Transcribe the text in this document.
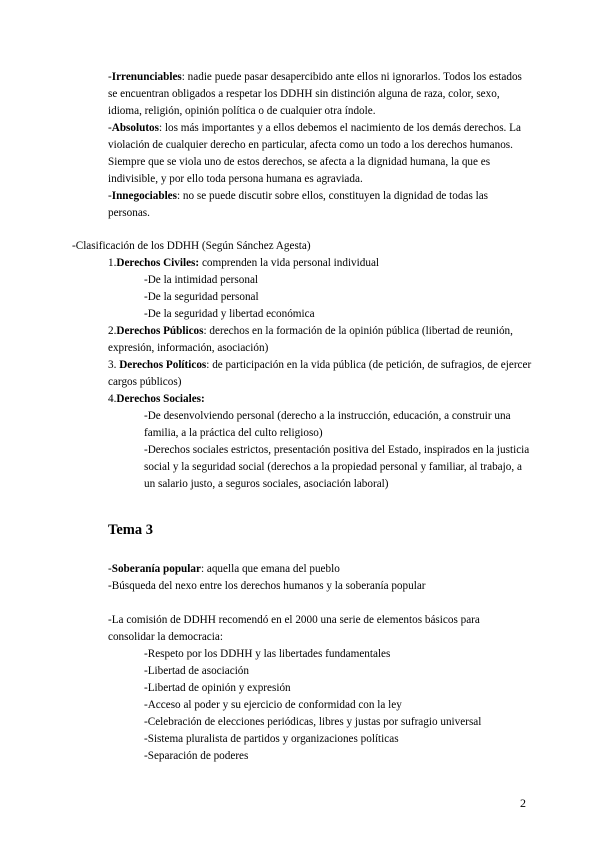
-Irrenunciables: nadie puede pasar desapercibido ante ellos ni ignorarlos. Todos los estados se encuentran obligados a respetar los DDHH sin distinción alguna de raza, color, sexo, idioma, religión, opinión política o de cualquier otra índole.

-Absolutos: los más importantes y a ellos debemos el nacimiento de los demás derechos. La violación de cualquier derecho en particular, afecta como un todo a los derechos humanos. Siempre que se viola uno de estos derechos, se afecta a la dignidad humana, la que es indivisible, y por ello toda persona humana es agraviada.

-Innegociables: no se puede discutir sobre ellos, constituyen la dignidad de todas las personas.

-Clasificación de los DDHH (Según Sánchez Agesta)

1.Derechos Civiles: comprenden la vida personal individual

-De la intimidad personal

-De la seguridad personal

-De la seguridad y libertad económica

2.Derechos Públicos: derechos en la formación de la opinión pública (libertad de reunión, expresión, información, asociación)

3. Derechos Políticos: de participación en la vida pública (de petición, de sufragios, de ejercer cargos públicos)

4.Derechos Sociales:

-De desenvolviendo personal (derecho a la instrucción, educación, a construir una familia, a la práctica del culto religioso)

-Derechos sociales estrictos, presentación positiva del Estado, inspirados en la justicia social y la seguridad social (derechos a la propiedad personal y familiar, al trabajo, a un salario justo, a seguros sociales, asociación laboral)

Tema 3

-Soberanía popular: aquella que emana del pueblo

-Búsqueda del nexo entre los derechos humanos y la soberanía popular

-La comisión de DDHH recomendó en el 2000 una serie de elementos básicos para consolidar la democracia:

-Respeto por los DDHH y las libertades fundamentales

-Libertad de asociación

-Libertad de opinión y expresión

-Acceso al poder y su ejercicio de conformidad con la ley

-Celebración de elecciones periódicas, libres y justas por sufragio universal

-Sistema pluralista de partidos y organizaciones políticas

-Separación de poderes

2
